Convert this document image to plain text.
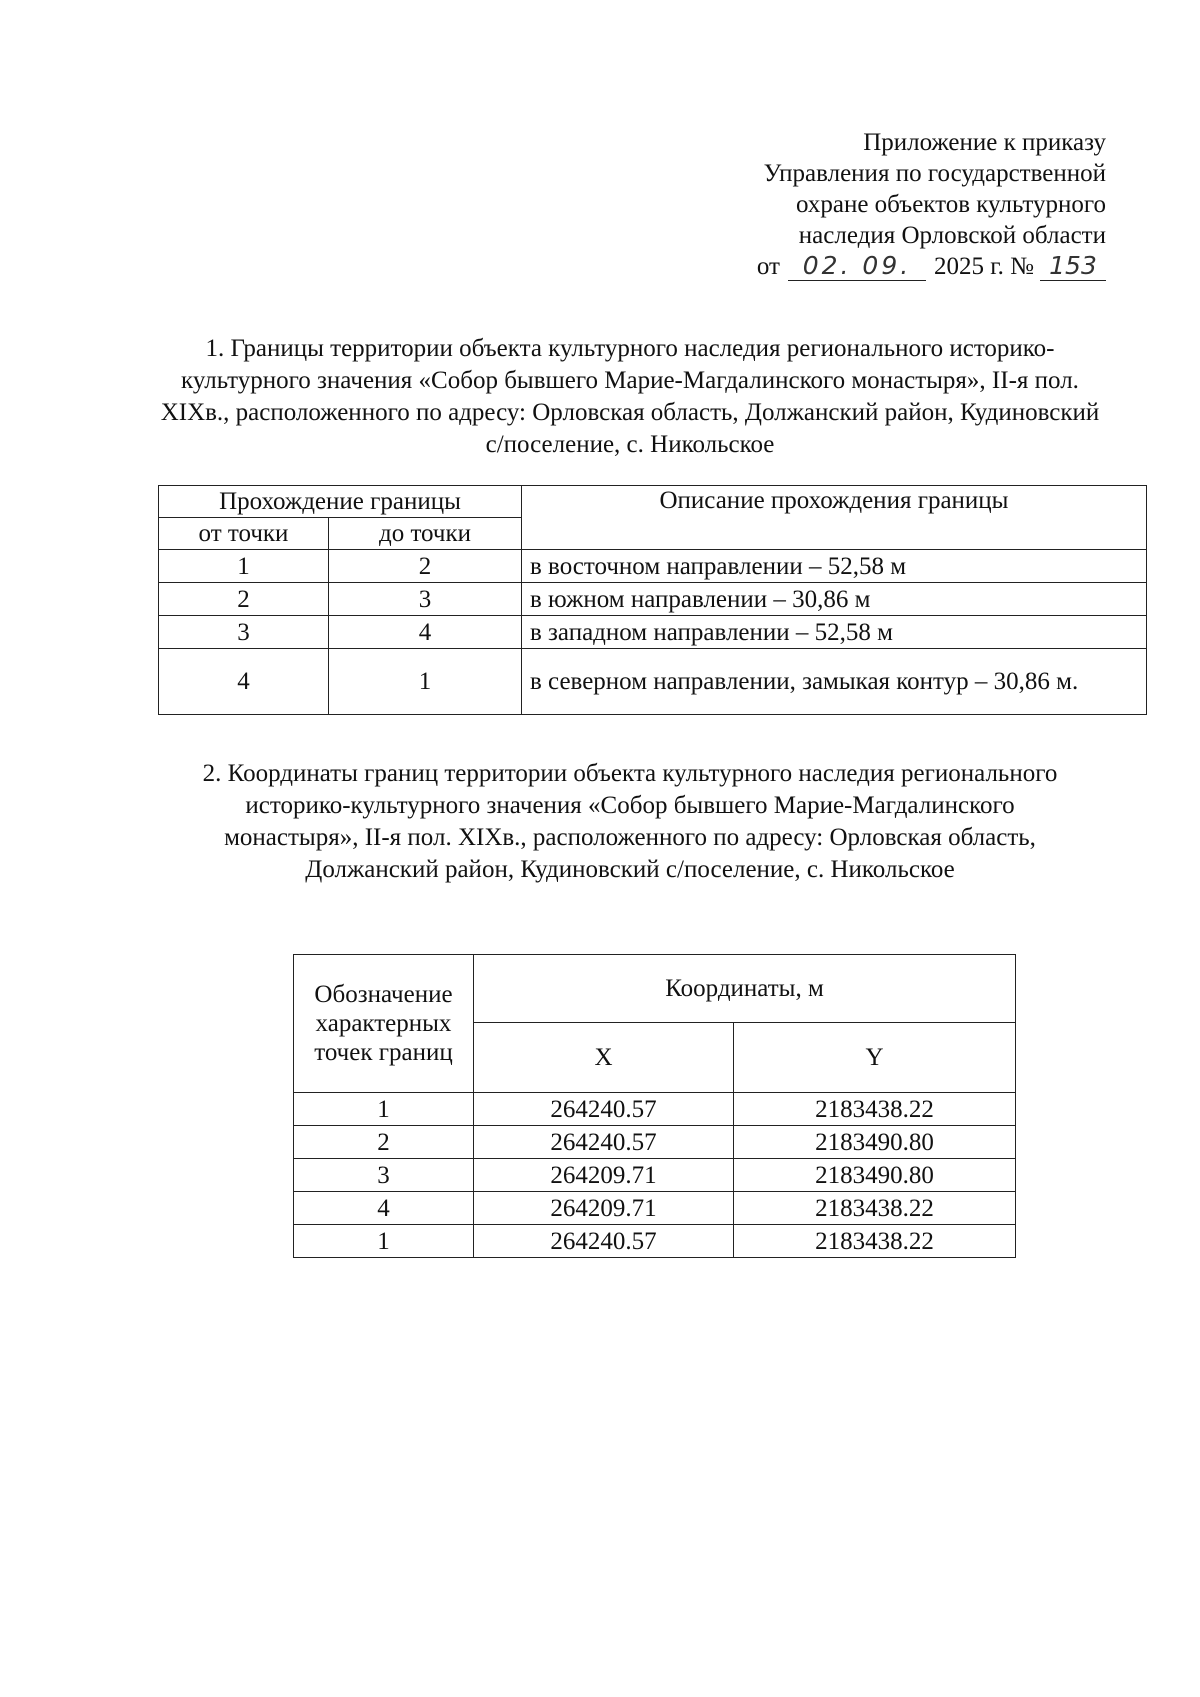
Приложение к приказу
Управления по государственной
охране объектов культурного
наследия Орловской области
от 02. 09. 2025 г. № 153
1. Границы территории объекта культурного наследия регионального историко-культурного значения «Собор бывшего Марие-Магдалинского монастыря», II-я пол. XIXв., расположенного по адресу: Орловская область, Должанский район, Кудиновский с/поселение, с. Никольское
Прохождение границы		Описание прохождения границы
от точки	до точки	
1	2	в восточном направлении – 52,58 м
2	3	в южном направлении – 30,86 м
3	4	в западном направлении – 52,58 м
4	1	в северном направлении, замыкая контур – 30,86 м.
2. Координаты границ территории объекта культурного наследия регионального историко-культурного значения «Собор бывшего Марие-Магдалинского монастыря», II-я пол. XIXв., расположенного по адресу: Орловская область, Должанский район, Кудиновский с/поселение, с. Никольское
Обозначение характерных точек границ	Координаты, м	
	X	Y
1	264240.57	2183438.22
2	264240.57	2183490.80
3	264209.71	2183490.80
4	264209.71	2183438.22
1	264240.57	2183438.22
